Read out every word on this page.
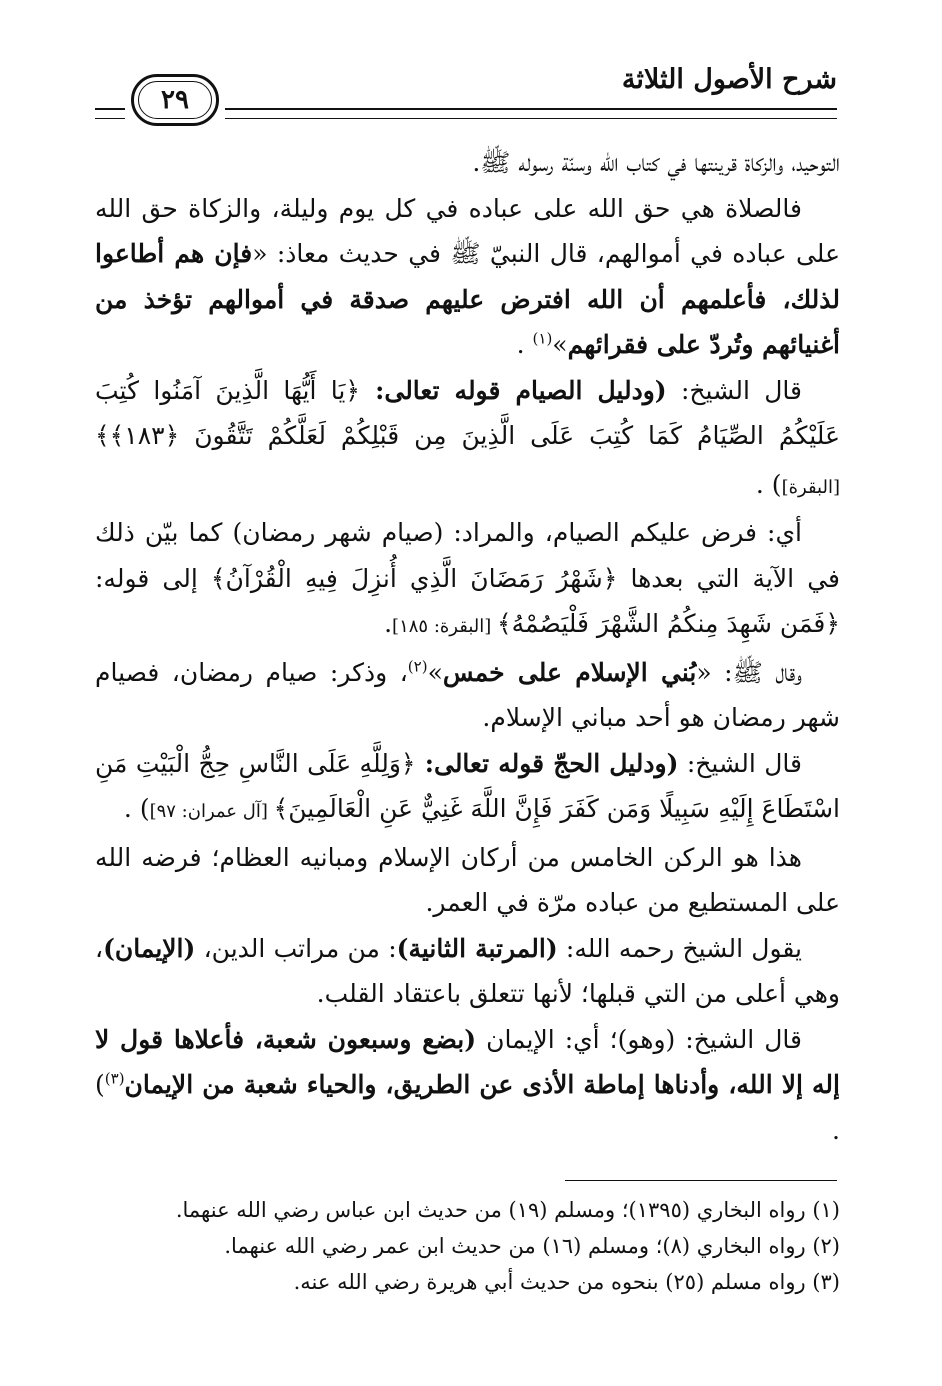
٢٩
شرح الأصول الثلاثة

التوحيد، والزكاة قرينتها في كتاب الله وسنّة رسوله ﷺ.

فالصلاة هي حق الله على عباده في كل يوم وليلة، والزكاة حق الله على عباده في أموالهم، قال النبيّ ﷺ في حديث معاذ: «فإن هم أطاعوا لذلك، فأعلمهم أن الله افترض عليهم صدقة في أموالهم تؤخذ من أغنيائهم وتُردّ على فقرائهم»$^{(١)}$ .

قال الشيخ: (ودليل الصيام قوله تعالى: ﴿يَا أَيُّهَا الَّذِينَ آمَنُوا كُتِبَ عَلَيْكُمُ الصِّيَامُ كَمَا كُتِبَ عَلَى الَّذِينَ مِن قَبْلِكُمْ لَعَلَّكُمْ تَتَّقُونَ ﴿١٨٣﴾﴾ [البقرة]) .

أي: فرض عليكم الصيام، والمراد: (صيام شهر رمضان) كما بيّن ذلك في الآية التي بعدها ﴿شَهْرُ رَمَضَانَ الَّذِي أُنزِلَ فِيهِ الْقُرْآنُ﴾ إلى قوله: ﴿فَمَن شَهِدَ مِنكُمُ الشَّهْرَ فَلْيَصُمْهُ﴾ [البقرة: ١٨٥].

وقال ﷺ: «بُني الإسلام على خمس»$^{(٢)}$، وذكر: صيام رمضان، فصيام شهر رمضان هو أحد مباني الإسلام.

قال الشيخ: (ودليل الحجّ قوله تعالى: ﴿وَلِلَّهِ عَلَى النَّاسِ حِجُّ الْبَيْتِ مَنِ اسْتَطَاعَ إِلَيْهِ سَبِيلًا وَمَن كَفَرَ فَإِنَّ اللَّهَ غَنِيٌّ عَنِ الْعَالَمِينَ﴾ [آل عمران: ٩٧]) .

هذا هو الركن الخامس من أركان الإسلام ومبانيه العظام؛ فرضه الله على المستطيع من عباده مرّة في العمر.

يقول الشيخ رحمه الله: (المرتبة الثانية): من مراتب الدين، (الإيمان)، وهي أعلى من التي قبلها؛ لأنها تتعلق باعتقاد القلب.

قال الشيخ: (وهو)؛ أي: الإيمان (بضع وسبعون شعبة، فأعلاها قول لا إله إلا الله، وأدناها إماطة الأذى عن الطريق، والحياء شعبة من الإيمان$^{(٣)}$) .

(١) رواه البخاري (١٣٩٥)؛ ومسلم (١٩) من حديث ابن عباس رضي الله عنهما.
(٢) رواه البخاري (٨)؛ ومسلم (١٦) من حديث ابن عمر رضي الله عنهما.
(٣) رواه مسلم (٢٥) بنحوه من حديث أبي هريرة رضي الله عنه.
